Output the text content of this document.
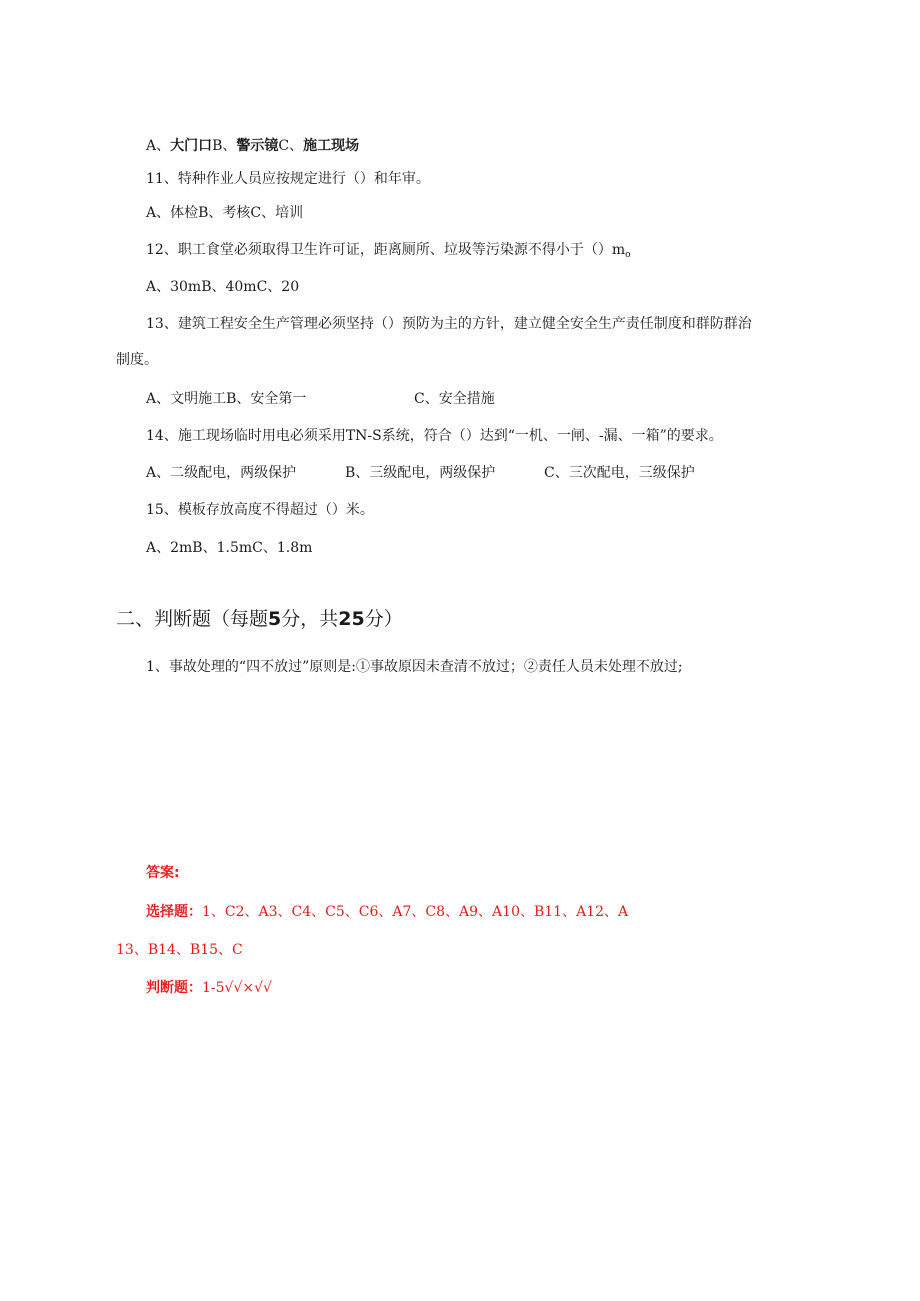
A、大门口B、警示镜C、施工现场
11、特种作业人员应按规定进行（）和年审。
A、体检B、考核C、培训
12、职工食堂必须取得卫生许可证，距离厕所、垃圾等污染源不得小于$()m_o$
A、30mB、40mC、20
13、建筑工程安全生产管理必须坚持（）预防为主的方针，建立健全安全生产责任制度和群防群治
制度。
A、文明施工B、安全第一	C、安全措施
14、施工现场临时用电必须采用TN-S系统，符合（）达到“一机、一闸、-漏、一箱”的要求。
A、二级配电，两级保护	B、三级配电，两级保护	C、三次配电，三级保护
15、模板存放高度不得超过（）米。
A、2mB、1.5mC、1.8m
二、判断题（每题5分，共25分）
1、事故处理的“四不放过”原则是:①事故原因未查清不放过；②责任人员未处理不放过;
答案:
选择题：1、C2、A3、C4、C5、C6、A7、C8、A9、A10、B11、A12、A
13、B14、B15、C
判断题：1-5√√×√√
